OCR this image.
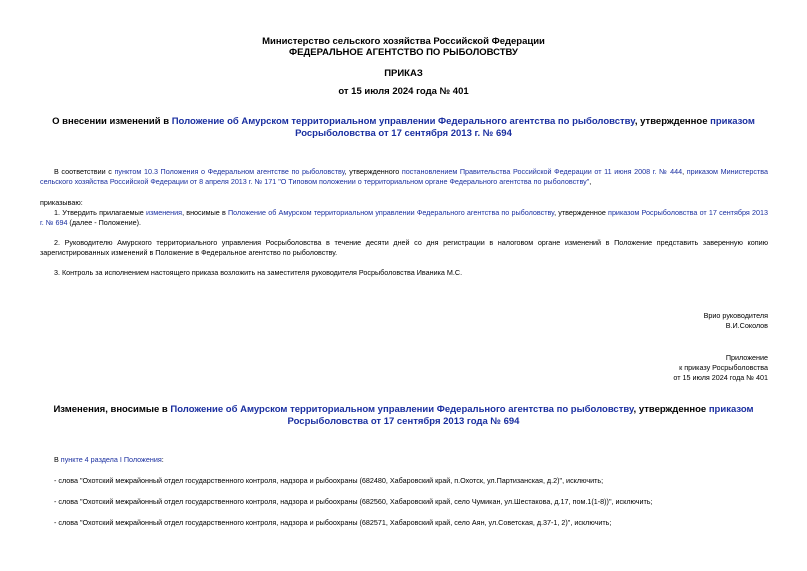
Министерство сельского хозяйства Российской Федерации
ФЕДЕРАЛЬНОЕ АГЕНТСТВО ПО РЫБОЛОВСТВУ
ПРИКАЗ
от 15 июля 2024 года № 401
О внесении изменений в Положение об Амурском территориальном управлении Федерального агентства по рыболовству, утвержденное приказом
Росрыболовства от 17 сентября 2013 г. № 694
В соответствии с пунктом 10.3 Положения о Федеральном агентстве по рыболовству, утвержденного постановлением Правительства Российской Федерации от 11 июня 2008 г. № 444, приказом Министерства сельского хозяйства Российской Федерации от 8 апреля 2013 г. № 171 "О Типовом положении о территориальном органе Федерального агентства по рыболовству",
приказываю:
1. Утвердить прилагаемые изменения, вносимые в Положение об Амурском территориальном управлении Федерального агентства по рыболовству, утвержденное приказом Росрыболовства от 17 сентября 2013 г. № 694 (далее - Положение).
2. Руководителю Амурского территориального управления Росрыболовства в течение десяти дней со дня регистрации в налоговом органе изменений в Положение представить заверенную копию зарегистрированных изменений в Положение в Федеральное агентство по рыболовству.
3. Контроль за исполнением настоящего приказа возложить на заместителя руководителя Росрыболовства Иваника М.С.
Врио руководителя
В.И.Соколов
Приложение
к приказу Росрыболовства
от 15 июля 2024 года № 401
Изменения, вносимые в Положение об Амурском территориальном управлении Федерального агентства по рыболовству, утвержденное приказом
Росрыболовства от 17 сентября 2013 года № 694
В пункте 4 раздела I Положения:
- слова "Охотский межрайонный отдел государственного контроля, надзора и рыбоохраны (682480, Хабаровский край, п.Охотск, ул.Партизанская, д.2)", исключить;
- слова "Охотский межрайонный отдел государственного контроля, надзора и рыбоохраны (682560, Хабаровский край, село Чумикан, ул.Шестакова, д.17, пом.1(1-8))", исключить;
- слова "Охотский межрайонный отдел государственного контроля, надзора и рыбоохраны (682571, Хабаровский край, село Аян, ул.Советская, д.37-1, 2)", исключить;
